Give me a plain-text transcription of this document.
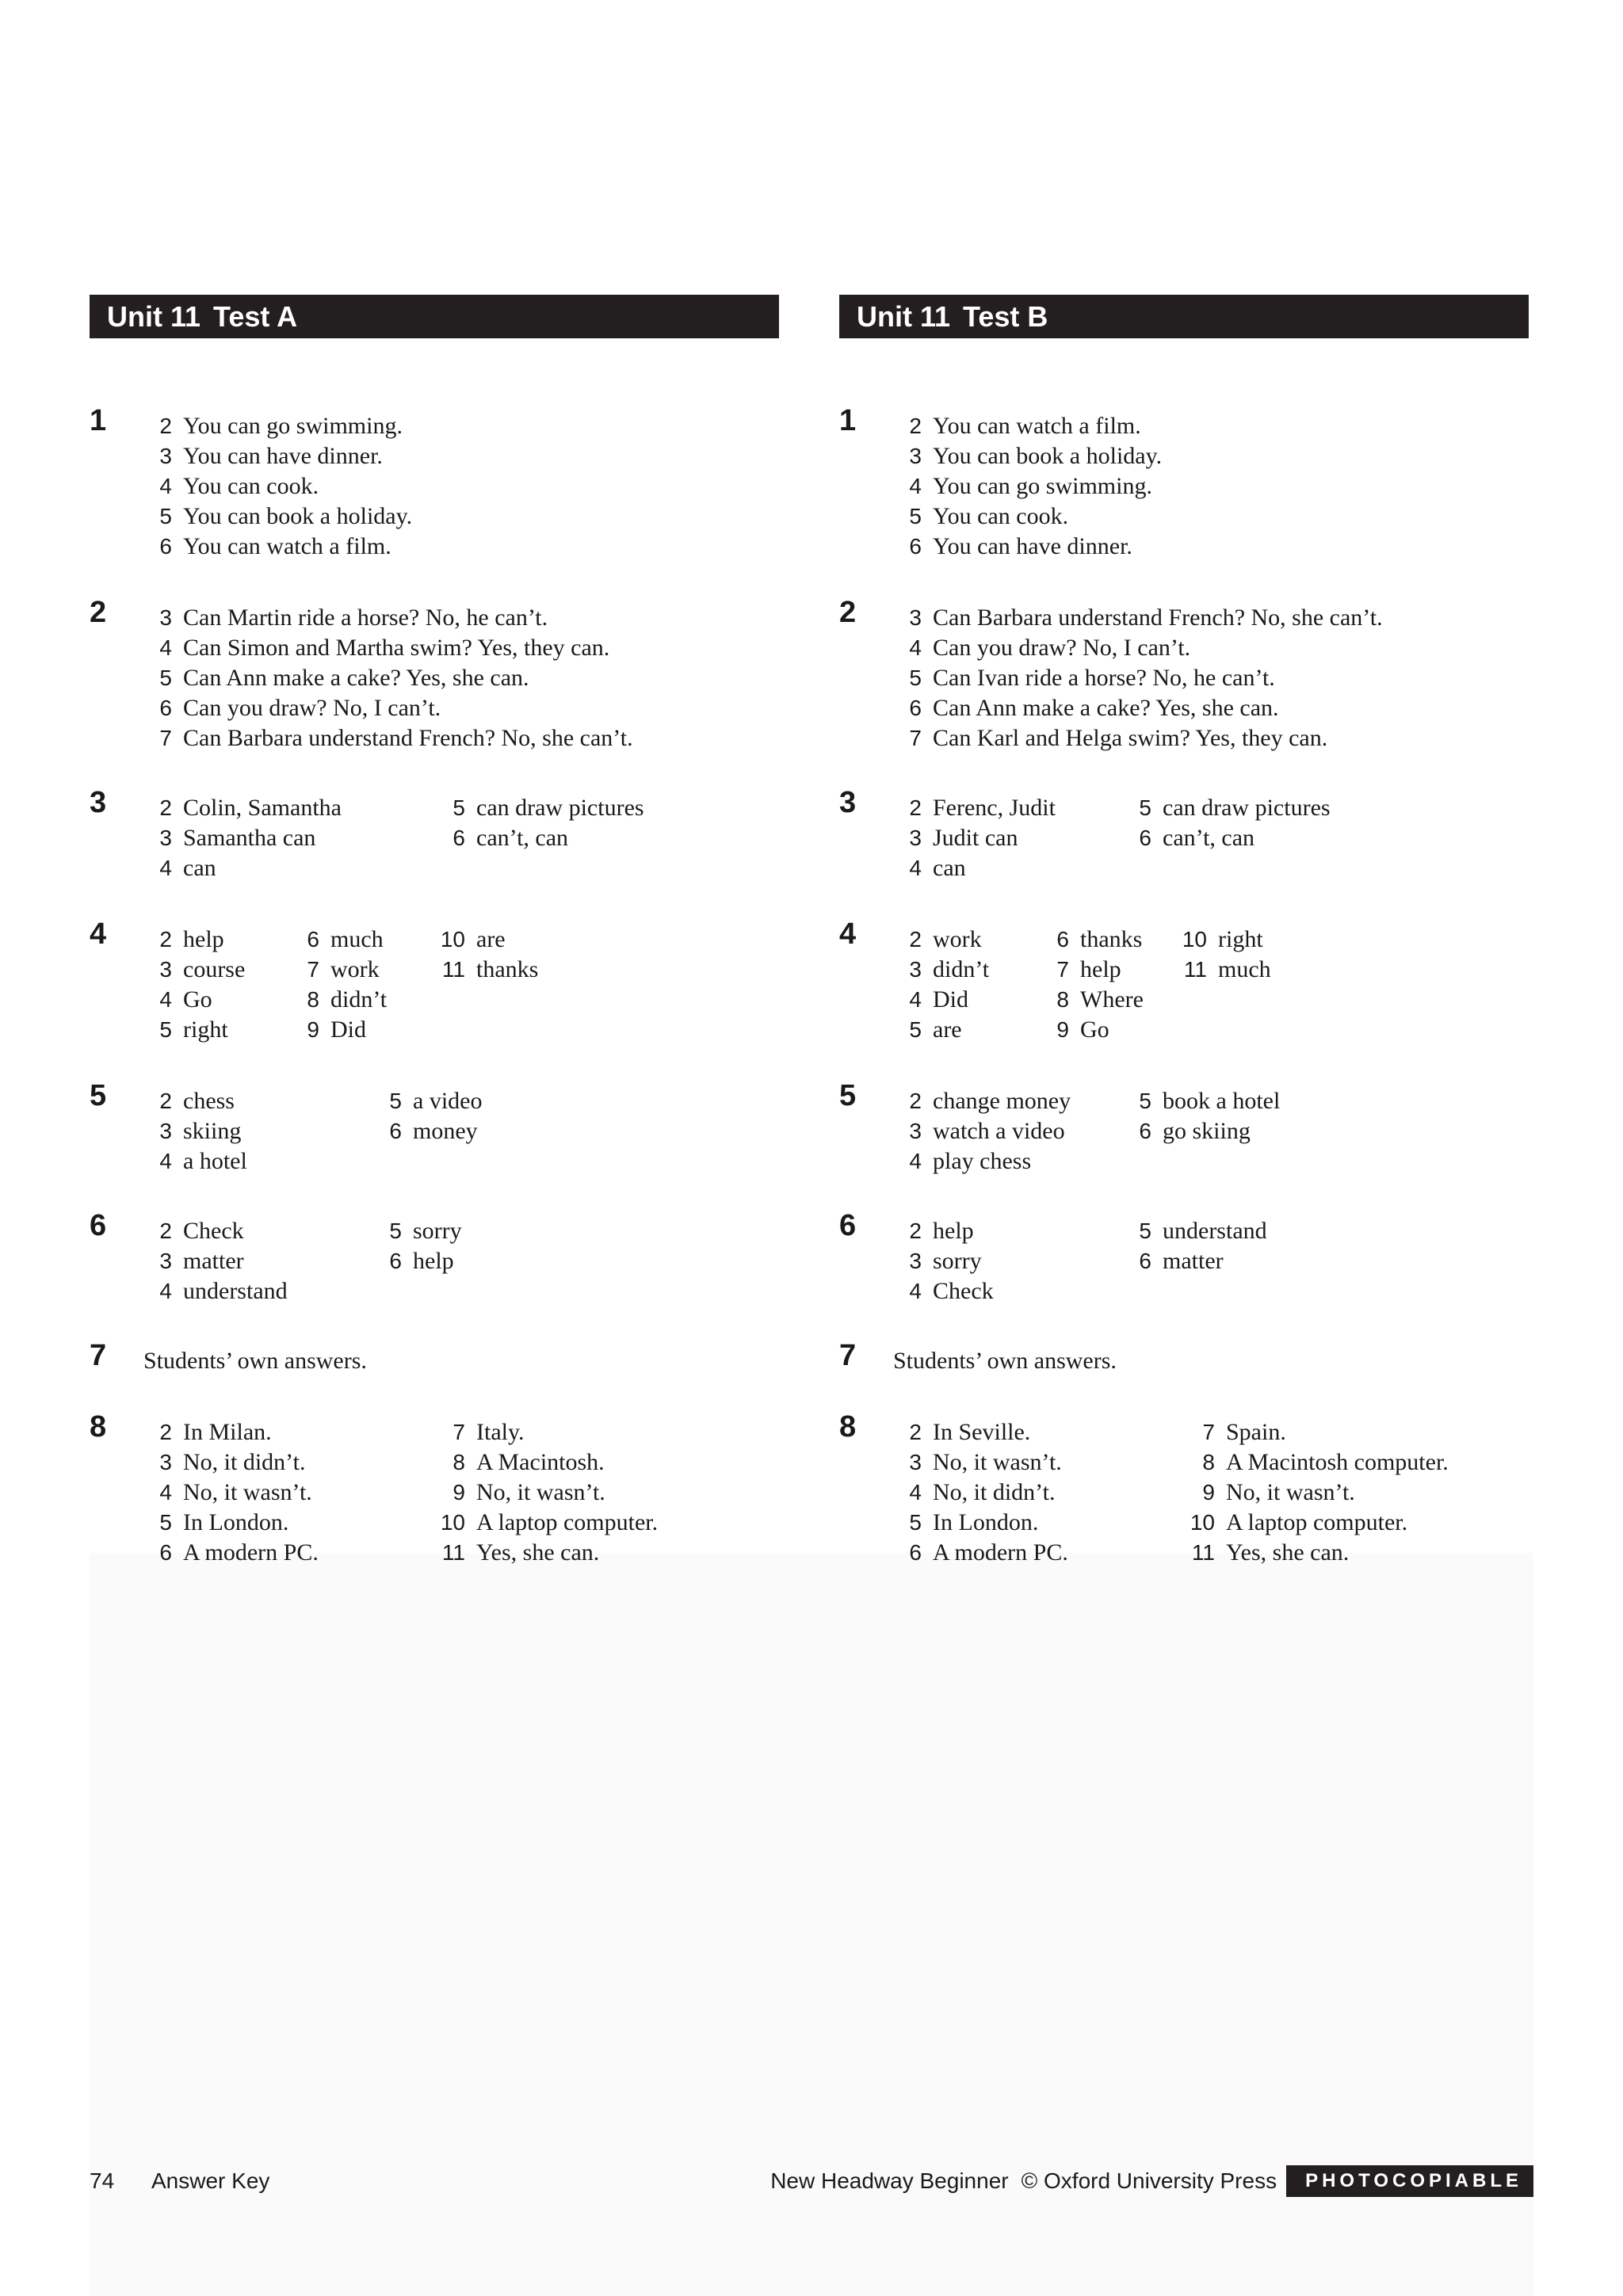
Unit 11 Test A
1	2 You can go swimming.
3 You can have dinner.
4 You can cook.
5 You can book a holiday.
6 You can watch a film.
2	3 Can Martin ride a horse? No, he can’t.
4 Can Simon and Martha swim? Yes, they can.
5 Can Ann make a cake? Yes, she can.
6 Can you draw? No, I can’t.
7 Can Barbara understand French? No, she can’t.
3	2 Colin, Samantha	5 can draw pictures
3 Samantha can	6 can’t, can
4 can
4	2 help	6 much	10 are
3 course	7 work	11 thanks
4 Go	8 didn’t
5 right	9 Did
5	2 chess	5 a video
3 skiing	6 money
4 a hotel
6	2 Check	5 sorry
3 matter	6 help
4 understand
7 Students’ own answers.
8	2 In Milan.	7 Italy.
3 No, it didn’t.	8 A Macintosh.
4 No, it wasn’t.	9 No, it wasn’t.
5 In London.	10 A laptop computer.
6 A modern PC.	11 Yes, she can.
Unit 11 Test B
1	2 You can watch a film.
3 You can book a holiday.
4 You can go swimming.
5 You can cook.
6 You can have dinner.
2	3 Can Barbara understand French? No, she can’t.
4 Can you draw? No, I can’t.
5 Can Ivan ride a horse? No, he can’t.
6 Can Ann make a cake? Yes, she can.
7 Can Karl and Helga swim? Yes, they can.
3	2 Ferenc, Judit	5 can draw pictures
3 Judit can	6 can’t, can
4 can
4	2 work	6 thanks 10 right
3 didn’t	7 help	11 much
4 Did	8 Where
5 are	9 Go
5	2 change money	5 book a hotel
3 watch a video	6 go skiing
4 play chess
6	2 help	5 understand
3 sorry	6 matter
4 Check
7 Students’ own answers.
8	2 In Seville.	7 Spain.
3 No, it wasn’t.	8 A Macintosh computer.
4 No, it didn’t.	9 No, it wasn’t.
5 In London.	10 A laptop computer.
6 A modern PC.	11 Yes, she can.
74 Answer Key	New Headway Beginner © Oxford University Press	PHOTOCOPIABLE
